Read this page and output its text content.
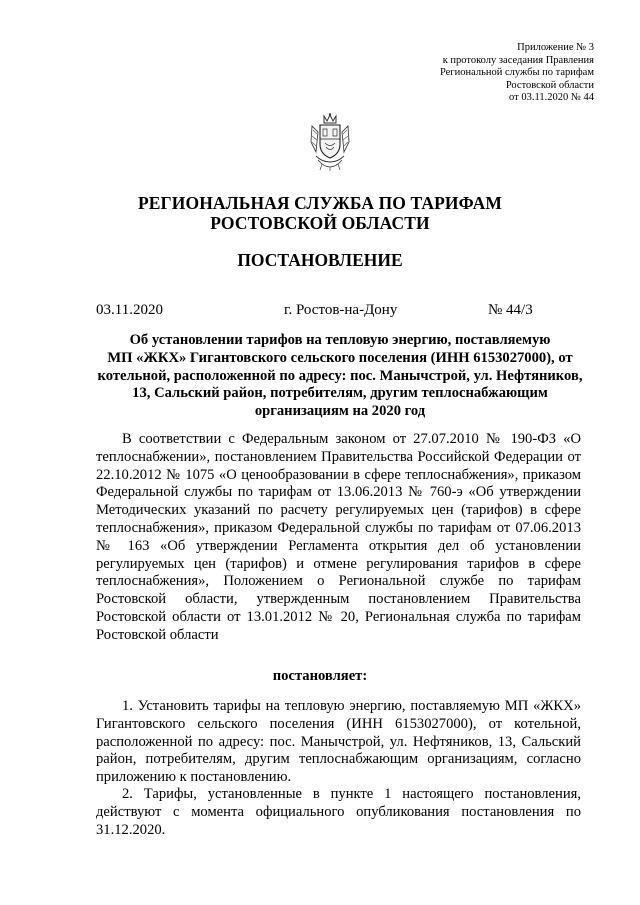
Приложение № 3
к протоколу заседания Правления
Региональной службы по тарифам
Ростовской области
от 03.11.2020 № 44
РЕГИОНАЛЬНАЯ СЛУЖБА ПО ТАРИФАМ
РОСТОВСКОЙ ОБЛАСТИ
ПОСТАНОВЛЕНИЕ
03.11.2020	г. Ростов-на-Дону	№ 44/3
Об установлении тарифов на тепловую энергию, поставляемую
МП «ЖКХ» Гигантовского сельского поселения (ИНН 6153027000), от
котельной, расположенной по адресу: пос. Манычстрой, ул. Нефтяников,
13, Сальский район, потребителям, другим теплоснабжающим
организациям на 2020 год
В соответствии с Федеральным законом от 27.07.2010 № 190-ФЗ «О теплоснабжении», постановлением Правительства Российской Федерации от 22.10.2012 № 1075 «О ценообразовании в сфере теплоснабжения», приказом Федеральной службы по тарифам от 13.06.2013 № 760-э «Об утверждении Методических указаний по расчету регулируемых цен (тарифов) в сфере теплоснабжения», приказом Федеральной службы по тарифам от 07.06.2013 № 163 «Об утверждении Регламента открытия дел об установлении регулируемых цен (тарифов) и отмене регулирования тарифов в сфере теплоснабжения», Положением о Региональной службе по тарифам Ростовской области, утвержденным постановлением Правительства Ростовской области от 13.01.2012 № 20, Региональная служба по тарифам Ростовской области
постановляет:
1. Установить тарифы на тепловую энергию, поставляемую МП «ЖКХ» Гигантовского сельского поселения (ИНН 6153027000), от котельной, расположенной по адресу: пос. Манычстрой, ул. Нефтяников, 13, Сальский район, потребителям, другим теплоснабжающим организациям, согласно приложению к постановлению.
2. Тарифы, установленные в пункте 1 настоящего постановления, действуют с момента официального опубликования постановления по 31.12.2020.
